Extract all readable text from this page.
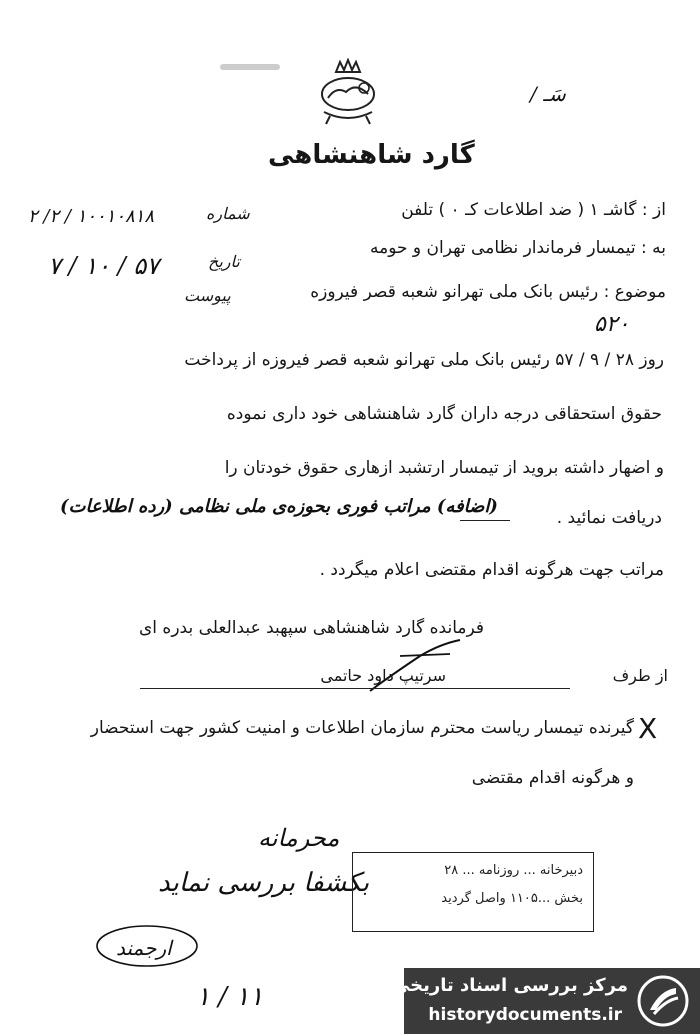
سَـ /
گارد شاهنشاهی
از : گاشـ ۱ ( ضد اطلاعات کـ ۰ ) تلفن
شماره
۱۰۰۱۰۸۱۸ / ۲/ ۲
به : تیمسار فرماندار نظامی تهران و حومه
تاریخ
۵۷ / ۱۰ / ۷
موضوع : رئیس بانک ملی تهرانو شعبه قصر فیروزه
پیوست
۵۲۰
روز ۲۸ / ۹ / ۵۷ رئیس بانک ملی تهرانو شعبه قصر فیروزه از پرداخت
حقوق استحقاقی درجه داران گارد شاهنشاهی خود داری نموده
و اضهار داشته بروید از تیمسار ارتشبد ازهاری حقوق خودتان را
دریافت نمائید .
(اضافه) مراتب فوری بحوزه‌ی ملی نظامی (رده اطلاعات)
مراتب جهت هرگونه اقدام مقتضی اعلام میگردد .
فرمانده گارد شاهنشاهی سپهبد عبدالعلی بدره ای
از طرف
سرتیپ داود حاتمی
X
گیرنده تیمسار ریاست محترم سازمان اطلاعات و امنیت کشور جهت استحضار
و هرگونه اقدام مقتضی
محرمانه
بکشفا بررسی نماید
ارجمند
۱۱ / ۱
دبیرخانه ... روزنامه ... ۲۸
بخش ...۱۱۰۵ واصل گردید
مرکز بررسی اسناد تاریخی
historydocuments.ir
